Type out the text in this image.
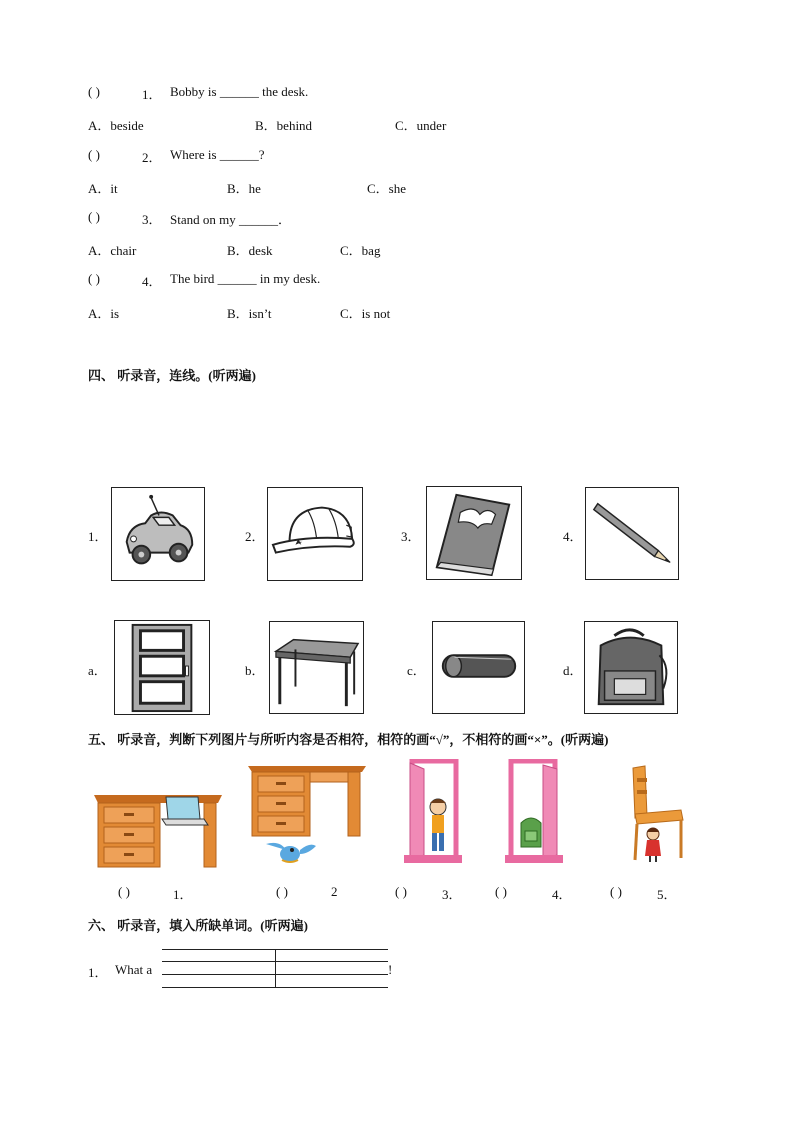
( )	1． Bobby is ______ the desk.
A．beside	B．behind	C．under
( )	2． Where is ______?
A．it	B．he	C．she
( )	3． Stand on my ______．
A．chair	B．desk	C．bag
( )	4． The bird ______ in my desk.
A．is	B．isn’t	C．is not
四、 听录音，连线。(听两遍)
1．	2．	3．	4．
a．	b．	c．	d．
五、 听录音，判断下列图片与所听内容是否相符，相符的画“√”，不相符的画“×”。(听两遍)
( )	1．	( )	2	( )	3．	( )	4．	( )	5．
六、 听录音，填入所缺单词。(听两遍)
1． What a	!
